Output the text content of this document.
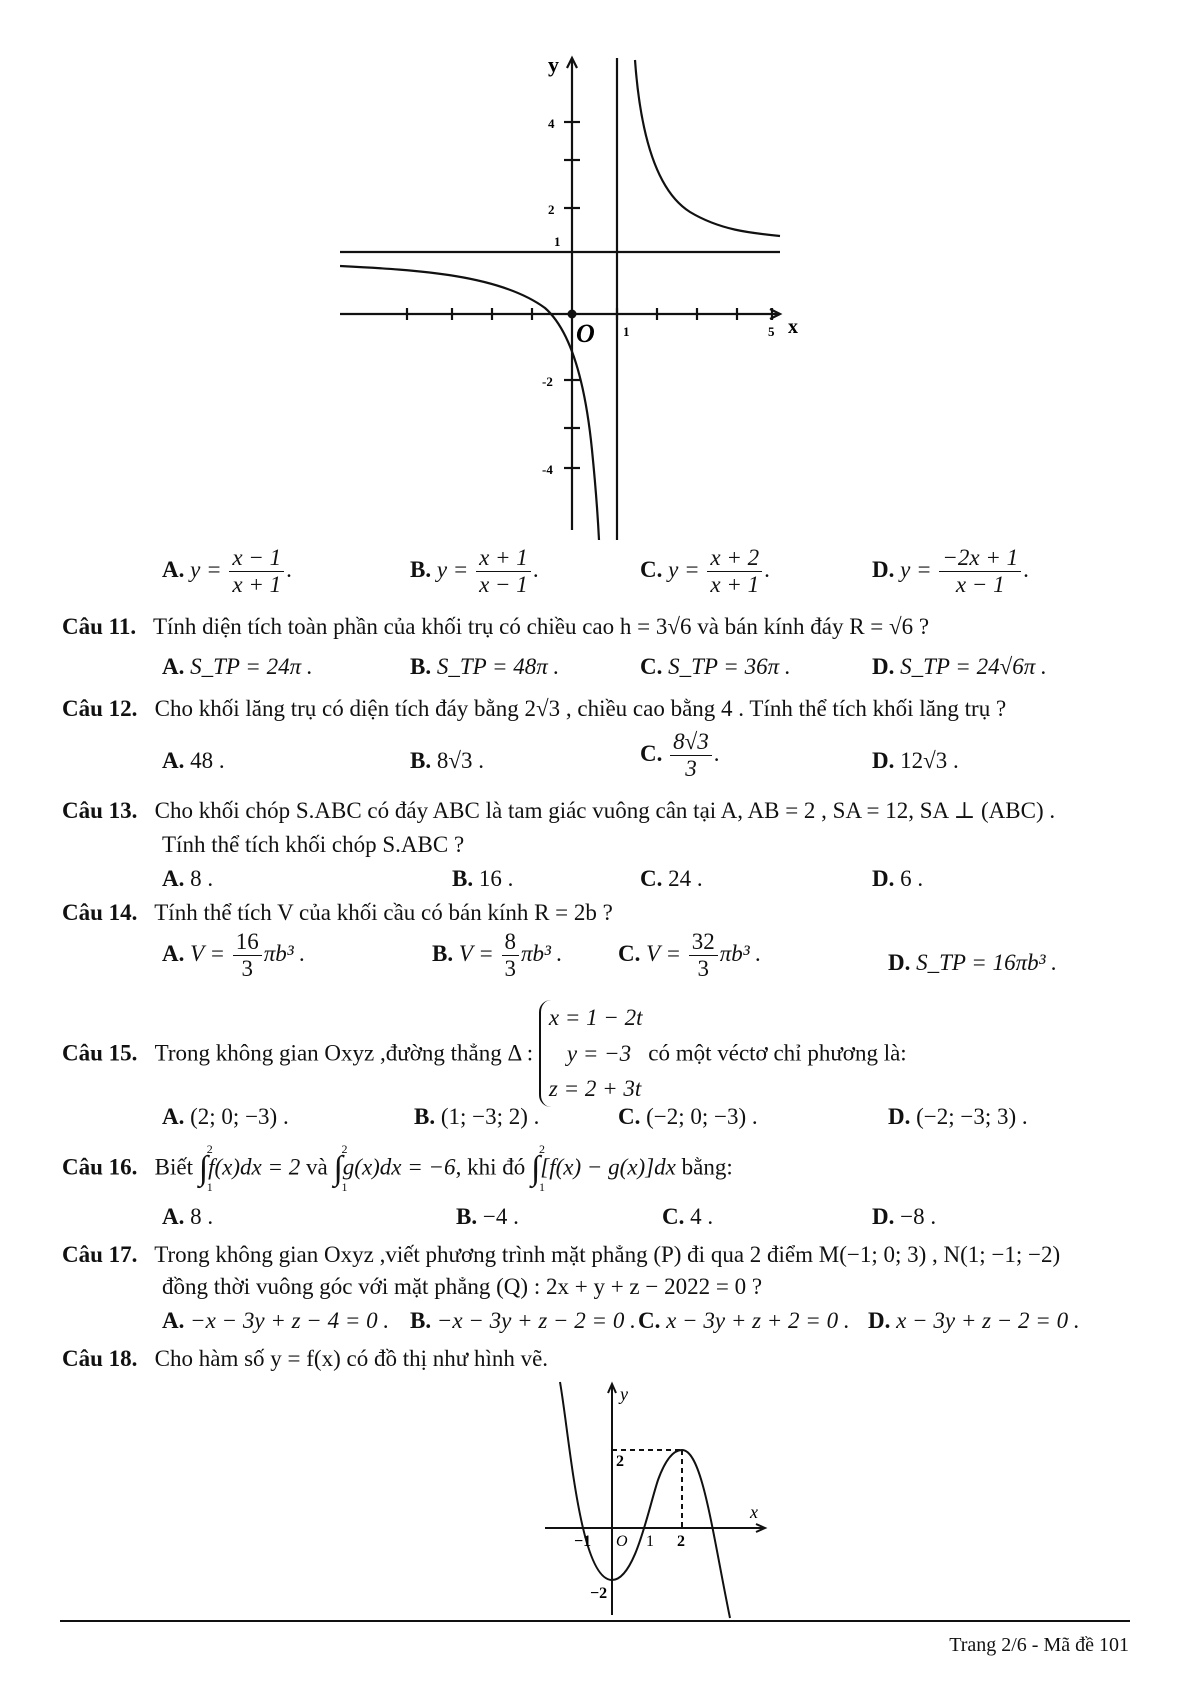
y
x
O
4
2
1
-2
-4
1	5
A. $y = \frac{x - 1}{x + 1}$ .	B. $y = \frac{x + 1}{x - 1}$ .	C. $y = \frac{x + 2}{x + 1}$ .	D. $y = \frac{-2x + 1}{x - 1}$ .
Câu 11. Tính diện tích toàn phần của khối trụ có chiều cao h = 3√6 và bán kính đáy R = √6 ?
A. S_TP = 24π .	B. S_TP = 48π .	C. S_TP = 36π .	D. S_TP = 24√6π .
Câu 12. Cho khối lăng trụ có diện tích đáy bằng 2√3 , chiều cao bằng 4 . Tính thể tích khối lăng trụ ?
A. 48 .	B. 8√3 .	C. $\frac{8√3}{3}$ .	D. 12√3 .
Câu 13. Cho khối chóp S.ABC có đáy ABC là tam giác vuông cân tại A, AB = 2 , SA = 12, SA ⊥ (ABC) .
Tính thể tích khối chóp S.ABC ?
A. 8 .	B. 16 .	C. 24 .	D. 6 .
Câu 14. Tính thể tích V của khối cầu có bán kính R = 2b ?
A. $V = \frac{16}{3} \pi b^3$ .	B. $V = \frac{8}{3} \pi b^3$ . C. $V = \frac{32}{3} \pi b^3$ .	D. S_TP = 16πb³ .
Câu 15. Trong không gian Oxyz ,đường thẳng Δ :
x = 1 − 2t
y = −3
z = 2 + 3t
có một véctơ chỉ phương là:
A. (2; 0; −3) .	B. (1; −3; 2) .	C. (−2; 0; −3) .	D. (−2; −3; 3) .
Câu 16. Biết ∫
2
1
f(x)dx = 2 và ∫
2
1
g(x)dx = −6, khi đó ∫
2
1
[f(x) − g(x)]dx bằng:
A. 8 .	B. −4 .	C. 4 .	D. −8 .
Câu 17. Trong không gian Oxyz ,viết phương trình mặt phẳng (P) đi qua 2 điểm M(−1; 0; 3) , N(1; −1; −2)
đồng thời vuông góc với mặt phẳng (Q) : 2x + y + z − 2022 = 0 ?
A. −x − 3y + z − 4 = 0 . B. −x − 3y + z − 2 = 0 . C. x − 3y + z + 2 = 0 . D. x − 3y + z − 2 = 0 .
Câu 18. Cho hàm số y = f(x) có đồ thị như hình vẽ.
y
x
O
2
−1	1 2
−2
Trang 2/6 - Mã đề 101
